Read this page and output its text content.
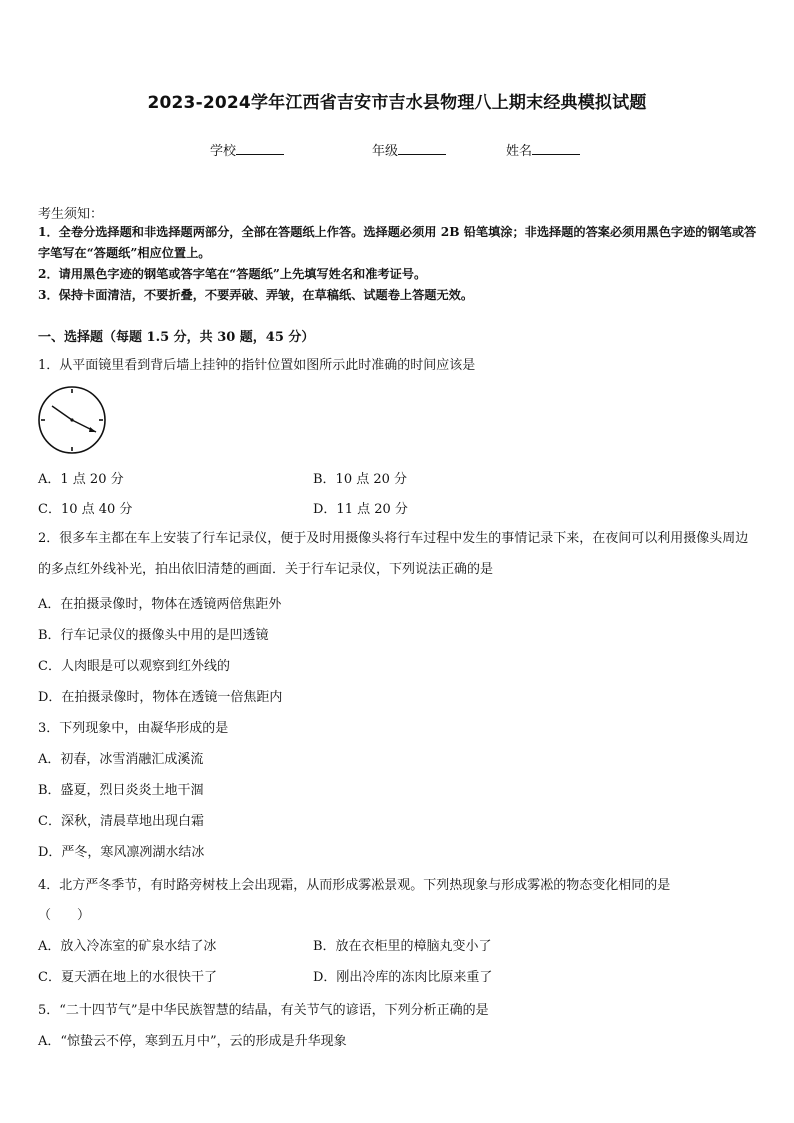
2023-2024学年江西省吉安市吉水县物理八上期末经典模拟试题
学校	年级	姓名
考生须知：
1．全卷分选择题和非选择题两部分，全部在答题纸上作答。选择题必须用 2B 铅笔填涂；非选择题的答案必须用黑色字迹的钢笔或答字笔写在“答题纸”相应位置上。
2．请用黑色字迹的钢笔或答字笔在“答题纸”上先填写姓名和准考证号。
3．保持卡面清洁，不要折叠，不要弄破、弄皱，在草稿纸、试题卷上答题无效。
一、选择题（每题 1.5 分，共 30 题，45 分）
1．从平面镜里看到背后墙上挂钟的指针位置如图所示此时准确的时间应该是
A．1 点 20 分	B．10 点 20 分
C．10 点 40 分	D．11 点 20 分
2．很多车主都在车上安装了行车记录仪，便于及时用摄像头将行车过程中发生的事情记录下来，在夜间可以利用摄像头周边的多点红外线补光，拍出依旧清楚的画面．关于行车记录仪，下列说法正确的是
A．在拍摄录像时，物体在透镜两倍焦距外
B．行车记录仪的摄像头中用的是凹透镜
C．人肉眼是可以观察到红外线的
D．在拍摄录像时，物体在透镜一倍焦距内
3．下列现象中，由凝华形成的是
A．初春，冰雪消融汇成溪流
B．盛夏，烈日炎炎土地干涸
C．深秋，清晨草地出现白霜
D．严冬，寒风凛冽湖水结冰
4．北方严冬季节，有时路旁树枝上会出现霜，从而形成雾凇景观。下列热现象与形成雾凇的物态变化相同的是
（　　）
A．放入冷冻室的矿泉水结了冰	B．放在衣柜里的樟脑丸变小了
C．夏天洒在地上的水很快干了	D．刚出冷库的冻肉比原来重了
5．“二十四节气”是中华民族智慧的结晶，有关节气的谚语，下列分析正确的是
A．“惊蛰云不停，寒到五月中”，云的形成是升华现象
